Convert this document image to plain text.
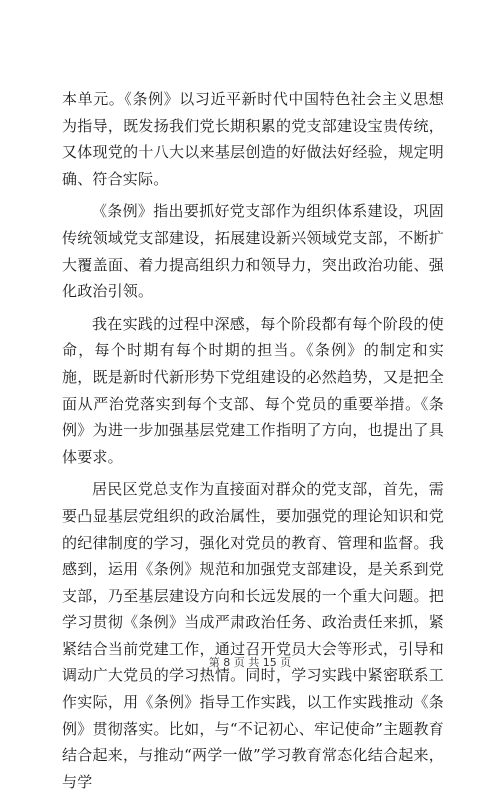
本单元。《条例》以习近平新时代中国特色社会主义思想为指导，既发扬我们党长期积累的党支部建设宝贵传统，又体现党的十八大以来基层创造的好做法好经验，规定明确、符合实际。

《条例》指出要抓好党支部作为组织体系建设，巩固传统领域党支部建设，拓展建设新兴领域党支部，不断扩大覆盖面、着力提高组织力和领导力，突出政治功能、强化政治引领。

我在实践的过程中深感，每个阶段都有每个阶段的使命，每个时期有每个时期的担当。《条例》的制定和实施，既是新时代新形势下党组建设的必然趋势，又是把全面从严治党落实到每个支部、每个党员的重要举措。《条例》为进一步加强基层党建工作指明了方向，也提出了具体要求。

居民区党总支作为直接面对群众的党支部，首先，需要凸显基层党组织的政治属性，要加强党的理论知识和党的纪律制度的学习，强化对党员的教育、管理和监督。我感到，运用《条例》规范和加强党支部建设，是关系到党支部，乃至基层建设方向和长远发展的一个重大问题。把学习贯彻《条例》当成严肃政治任务、政治责任来抓，紧紧结合当前党建工作，通过召开党员大会等形式，引导和调动广大党员的学习热情。同时，学习实践中紧密联系工作实际，用《条例》指导工作实践，以工作实践推动《条例》贯彻落实。比如，与“不记初心、牢记使命”主题教育结合起来，与推动“两学一做”学习教育常态化结合起来，与学

第 8 页 共 15 页
